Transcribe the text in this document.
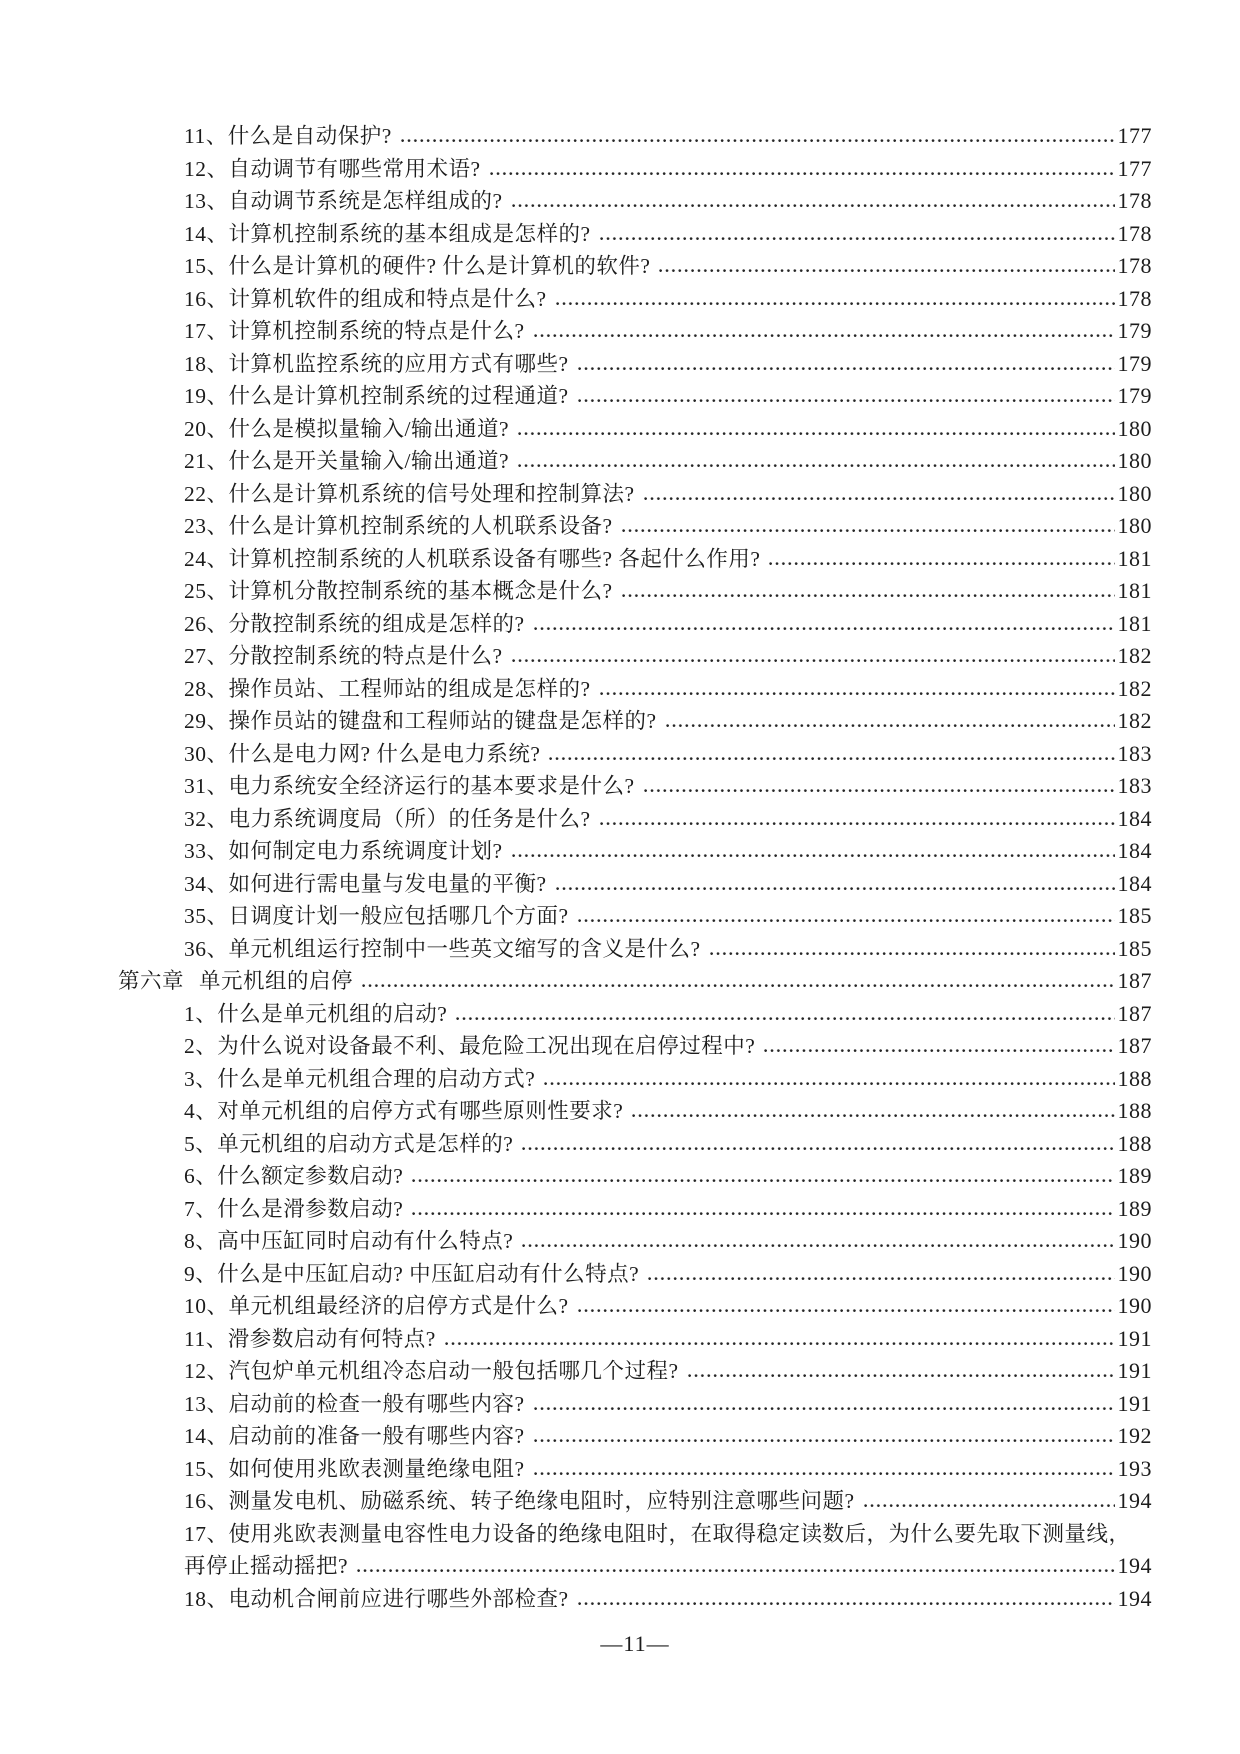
11、什么是自动保护?	177
12、自动调节有哪些常用术语?	177
13、自动调节系统是怎样组成的?	178
14、计算机控制系统的基本组成是怎样的?	178
15、什么是计算机的硬件? 什么是计算机的软件?	178
16、计算机软件的组成和特点是什么?	178
17、计算机控制系统的特点是什么?	179
18、计算机监控系统的应用方式有哪些?	179
19、什么是计算机控制系统的过程通道?	179
20、什么是模拟量输入/输出通道?	180
21、什么是开关量输入/输出通道?	180
22、什么是计算机系统的信号处理和控制算法?	180
23、什么是计算机控制系统的人机联系设备?	180
24、计算机控制系统的人机联系设备有哪些? 各起什么作用?	181
25、计算机分散控制系统的基本概念是什么?	181
26、分散控制系统的组成是怎样的?	181
27、分散控制系统的特点是什么?	182
28、操作员站、工程师站的组成是怎样的?	182
29、操作员站的键盘和工程师站的键盘是怎样的?	182
30、什么是电力网? 什么是电力系统?	183
31、电力系统安全经济运行的基本要求是什么?	183
32、电力系统调度局（所）的任务是什么?	184
33、如何制定电力系统调度计划?	184
34、如何进行需电量与发电量的平衡?	184
35、日调度计划一般应包括哪几个方面?	185
36、单元机组运行控制中一些英文缩写的含义是什么?	185
第六章 单元机组的启停	187
1、什么是单元机组的启动?	187
2、为什么说对设备最不利、最危险工况出现在启停过程中?	187
3、什么是单元机组合理的启动方式?	188
4、对单元机组的启停方式有哪些原则性要求?	188
5、单元机组的启动方式是怎样的?	188
6、什么额定参数启动?	189
7、什么是滑参数启动?	189
8、高中压缸同时启动有什么特点?	190
9、什么是中压缸启动? 中压缸启动有什么特点?	190
10、单元机组最经济的启停方式是什么?	190
11、滑参数启动有何特点?	191
12、汽包炉单元机组冷态启动一般包括哪几个过程?	191
13、启动前的检查一般有哪些内容?	191
14、启动前的准备一般有哪些内容?	192
15、如何使用兆欧表测量绝缘电阻?	193
16、测量发电机、励磁系统、转子绝缘电阻时，应特别注意哪些问题?	194
17、使用兆欧表测量电容性电力设备的绝缘电阻时，在取得稳定读数后，为什么要先取下测量线，
再停止摇动摇把?	194
18、电动机合闸前应进行哪些外部检查?	194
—11—
